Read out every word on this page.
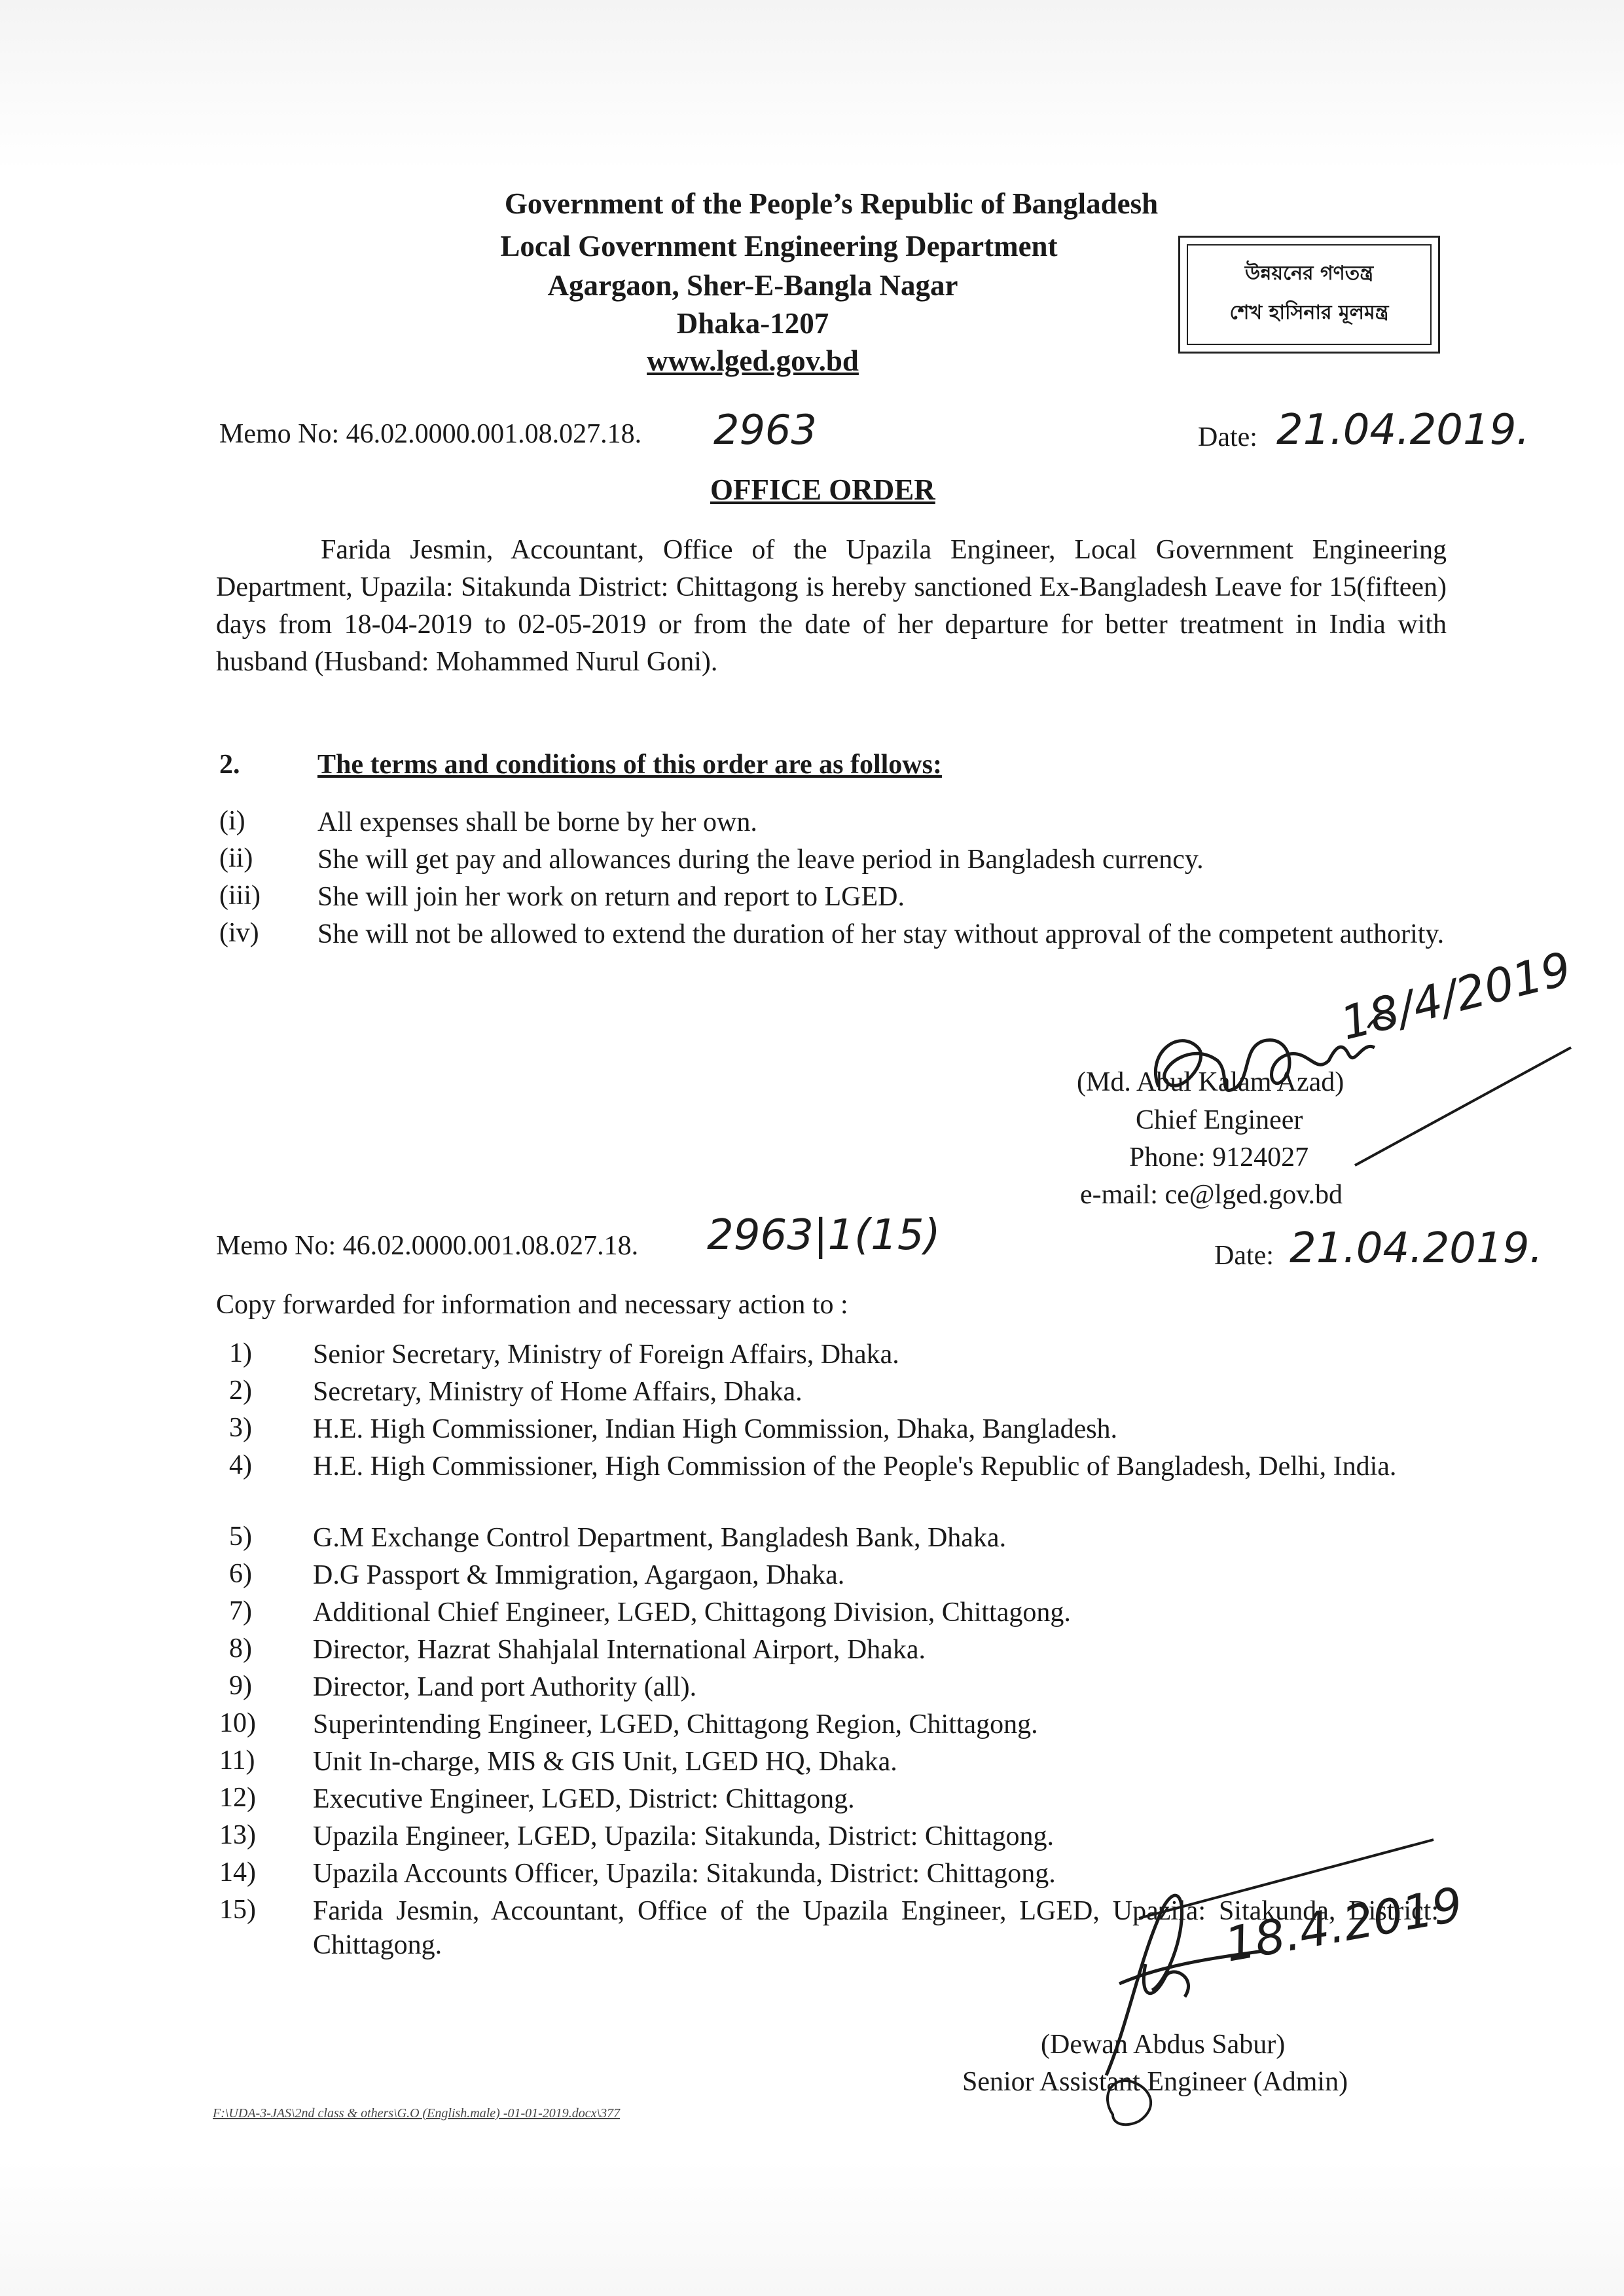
Government of the People’s Republic of Bangladesh
Local Government Engineering Department
Agargaon, Sher-E-Bangla Nagar
Dhaka-1207
www.lged.gov.bd
উন্নয়নের গণতন্ত্র
শেখ হাসিনার মূলমন্ত্র
Memo No: 46.02.0000.001.08.027.18. 2963	Date: 21.04.2019.
OFFICE ORDER
Farida Jesmin, Accountant, Office of the Upazila Engineer, Local Government Engineering Department, Upazila: Sitakunda District: Chittagong is hereby sanctioned Ex-Bangladesh Leave for 15(fifteen) days from 18-04-2019 to 02-05-2019 or from the date of her departure for better treatment in India with husband (Husband: Mohammed Nurul Goni).
2.	The terms and conditions of this order are as follows:
(i)	All expenses shall be borne by her own.
(ii) She will get pay and allowances during the leave period in Bangladesh currency.
(iii) She will join her work on return and report to LGED.
(iv) She will not be allowed to extend the duration of her stay without approval of the competent authority.
18/4/2019
(Md. Abul Kalam Azad)
Chief Engineer
Phone: 9124027
e-mail: ce@lged.gov.bd
Memo No: 46.02.0000.001.08.027.18. 2963|1(15)	Date: 21.04.2019.
Copy forwarded for information and necessary action to :
1) Senior Secretary, Ministry of Foreign Affairs, Dhaka.
2) Secretary, Ministry of Home Affairs, Dhaka.
3) H.E. High Commissioner, Indian High Commission, Dhaka, Bangladesh.
4) H.E. High Commissioner, High Commission of the People's Republic of Bangladesh, Delhi, India.
5) G.M Exchange Control Department, Bangladesh Bank, Dhaka.
6) D.G Passport & Immigration, Agargaon, Dhaka.
7) Additional Chief Engineer, LGED, Chittagong Division, Chittagong.
8) Director, Hazrat Shahjalal International Airport, Dhaka.
9) Director, Land port Authority (all).
10) Superintending Engineer, LGED, Chittagong Region, Chittagong.
11) Unit In-charge, MIS & GIS Unit, LGED HQ, Dhaka.
12) Executive Engineer, LGED, District: Chittagong.
13) Upazila Engineer, LGED, Upazila: Sitakunda, District: Chittagong.
14) Upazila Accounts Officer, Upazila: Sitakunda, District: Chittagong.
15) Farida Jesmin, Accountant, Office of the Upazila Engineer, LGED, Upazila: Sitakunda, District: Chittagong.	18.4.2019
(Dewan Abdus Sabur)
Senior Assistant Engineer (Admin)
F:\UDA-3-JAS\2nd class & others\G.O (English.male) -01-01-2019.docx\377
